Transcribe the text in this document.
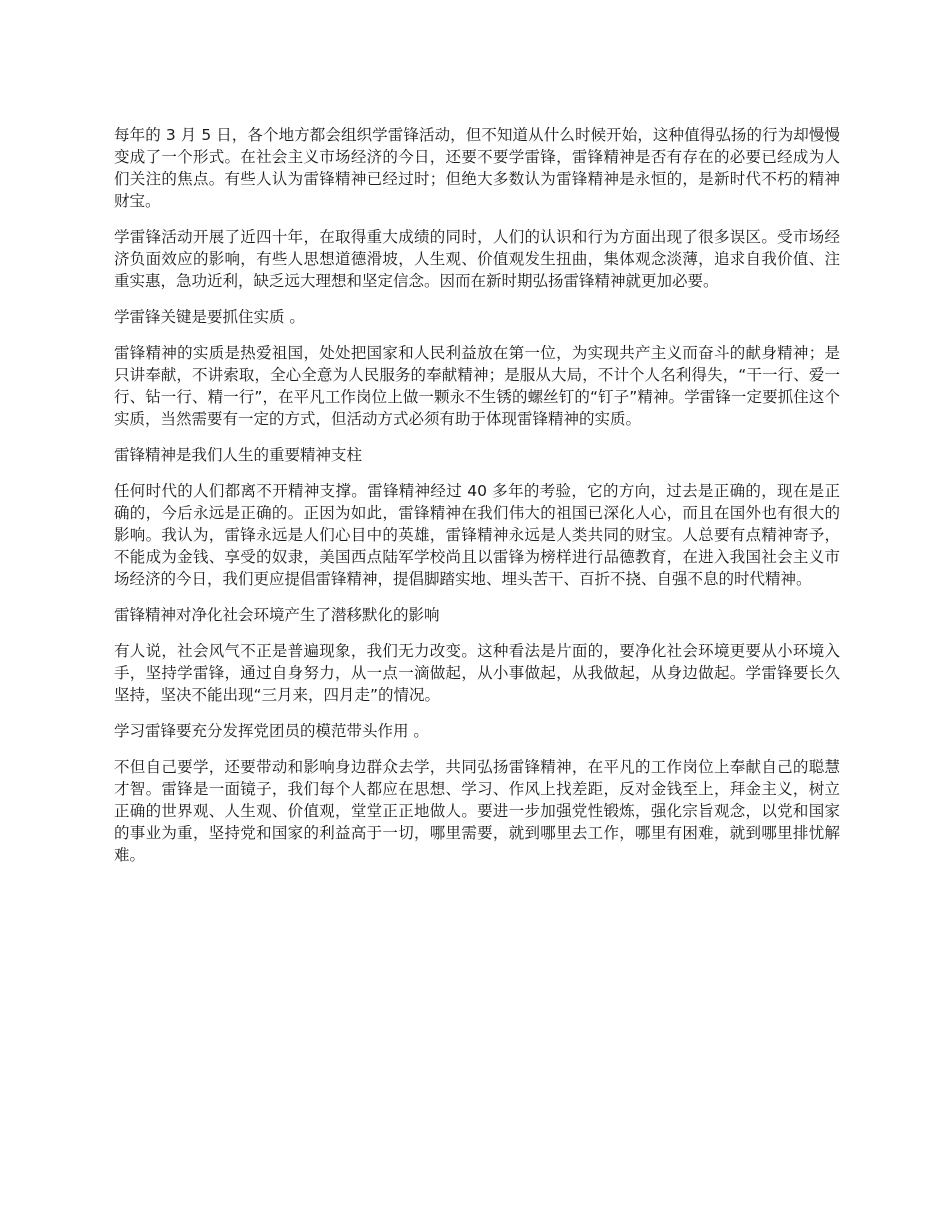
每年的 3 月 5 日，各个地方都会组织学雷锋活动，但不知道从什么时候开始，这种值得弘扬的行为却慢慢变成了一个形式。在社会主义市场经济的今日，还要不要学雷锋，雷锋精神是否有存在的必要已经成为人们关注的焦点。有些人认为雷锋精神已经过时；但绝大多数认为雷锋精神是永恒的，是新时代不朽的精神财宝。

学雷锋活动开展了近四十年，在取得重大成绩的同时，人们的认识和行为方面出现了很多误区。受市场经济负面效应的影响，有些人思想道德滑坡，人生观、价值观发生扭曲，集体观念淡薄，追求自我价值、注重实惠，急功近利，缺乏远大理想和坚定信念。因而在新时期弘扬雷锋精神就更加必要。

学雷锋关键是要抓住实质 。

雷锋精神的实质是热爱祖国，处处把国家和人民利益放在第一位，为实现共产主义而奋斗的献身精神；是只讲奉献，不讲索取，全心全意为人民服务的奉献精神；是服从大局，不计个人名利得失，“干一行、爱一行、钻一行、精一行”，在平凡工作岗位上做一颗永不生锈的螺丝钉的“钉子”精神。学雷锋一定要抓住这个实质，当然需要有一定的方式，但活动方式必须有助于体现雷锋精神的实质。

雷锋精神是我们人生的重要精神支柱

任何时代的人们都离不开精神支撑。雷锋精神经过 40 多年的考验，它的方向，过去是正确的，现在是正确的，今后永远是正确的。正因为如此，雷锋精神在我们伟大的祖国已深化人心，而且在国外也有很大的影响。我认为，雷锋永远是人们心目中的英雄，雷锋精神永远是人类共同的财宝。人总要有点精神寄予，不能成为金钱、享受的奴隶，美国西点陆军学校尚且以雷锋为榜样进行品德教育，在进入我国社会主义市场经济的今日，我们更应提倡雷锋精神，提倡脚踏实地、埋头苦干、百折不挠、自强不息的时代精神。

雷锋精神对净化社会环境产生了潜移默化的影响

有人说，社会风气不正是普遍现象，我们无力改变。这种看法是片面的，要净化社会环境更要从小环境入手，坚持学雷锋，通过自身努力，从一点一滴做起，从小事做起，从我做起，从身边做起。学雷锋要长久坚持，坚决不能出现“三月来，四月走”的情况。

学习雷锋要充分发挥党团员的模范带头作用 。

不但自己要学，还要带动和影响身边群众去学，共同弘扬雷锋精神，在平凡的工作岗位上奉献自己的聪慧才智。雷锋是一面镜子，我们每个人都应在思想、学习、作风上找差距，反对金钱至上，拜金主义，树立正确的世界观、人生观、价值观，堂堂正正地做人。要进一步加强党性锻炼，强化宗旨观念，以党和国家的事业为重，坚持党和国家的利益高于一切，哪里需要，就到哪里去工作，哪里有困难，就到哪里排忧解难。
